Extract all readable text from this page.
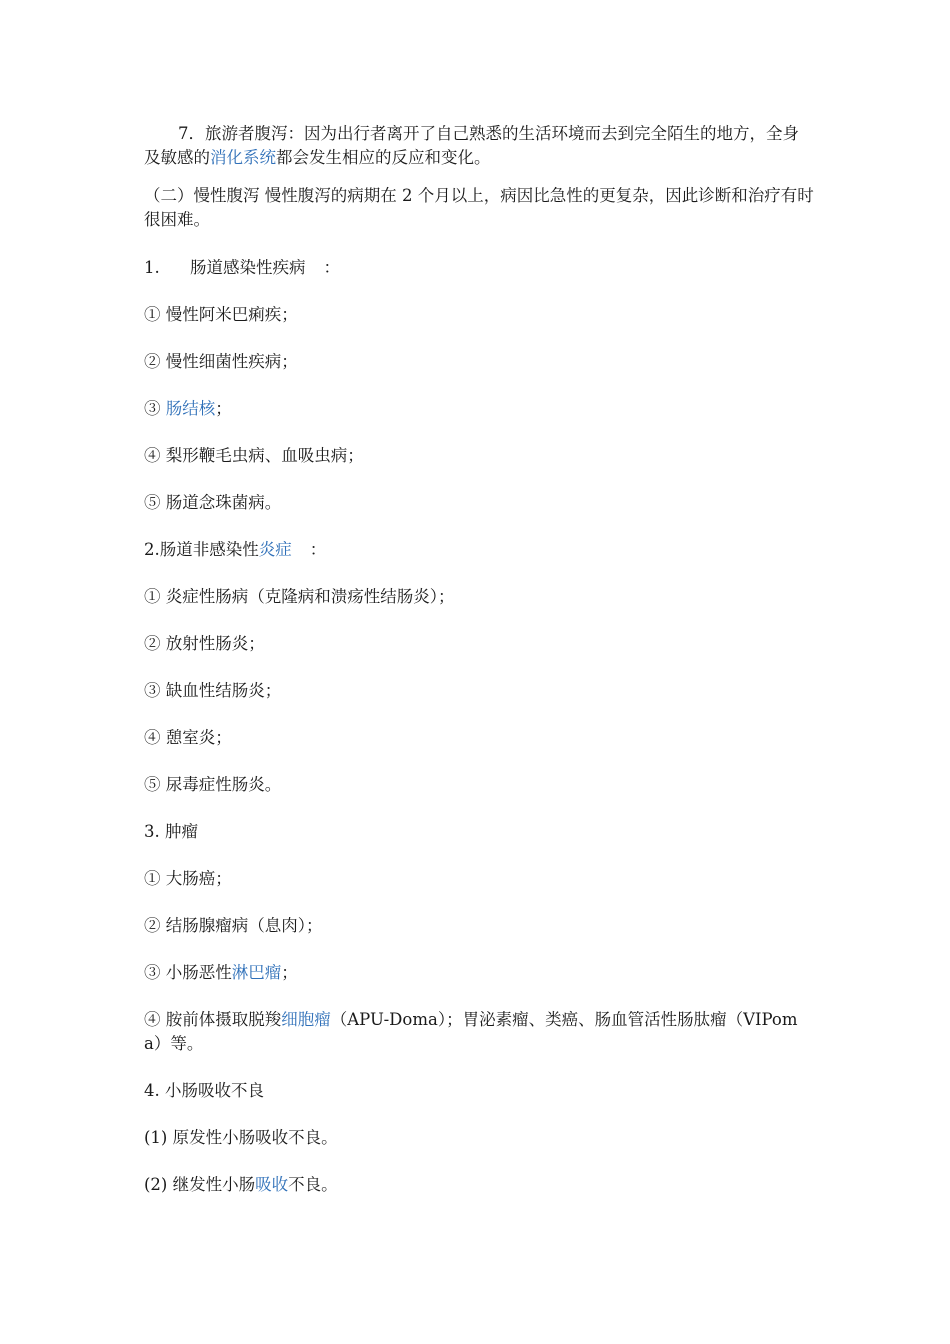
7．旅游者腹泻：因为出行者离开了自己熟悉的生活环境而去到完全陌生的地方，全身及敏感的消化系统都会发生相应的反应和变化。

（二）慢性腹泻 慢性腹泻的病期在 2 个月以上，病因比急性的更复杂，因此诊断和治疗有时很困难。

1. 肠道感染性疾病 ：

① 慢性阿米巴痢疾；

② 慢性细菌性疾病；

③ 肠结核；

④ 梨形鞭毛虫病、血吸虫病；

⑤ 肠道念珠菌病。

2.肠道非感染性炎症 ：

① 炎症性肠病（克隆病和溃疡性结肠炎）；

② 放射性肠炎；

③ 缺血性结肠炎；

④ 憩室炎；

⑤ 尿毒症性肠炎。

3. 肿瘤

① 大肠癌；

② 结肠腺瘤病（息肉）；

③ 小肠恶性淋巴瘤；

④ 胺前体摄取脱羧细胞瘤（APU-Doma）；胃泌素瘤、类癌、肠血管活性肠肽瘤（VIPoma）等。

4. 小肠吸收不良

(1) 原发性小肠吸收不良。

(2) 继发性小肠吸收不良。
